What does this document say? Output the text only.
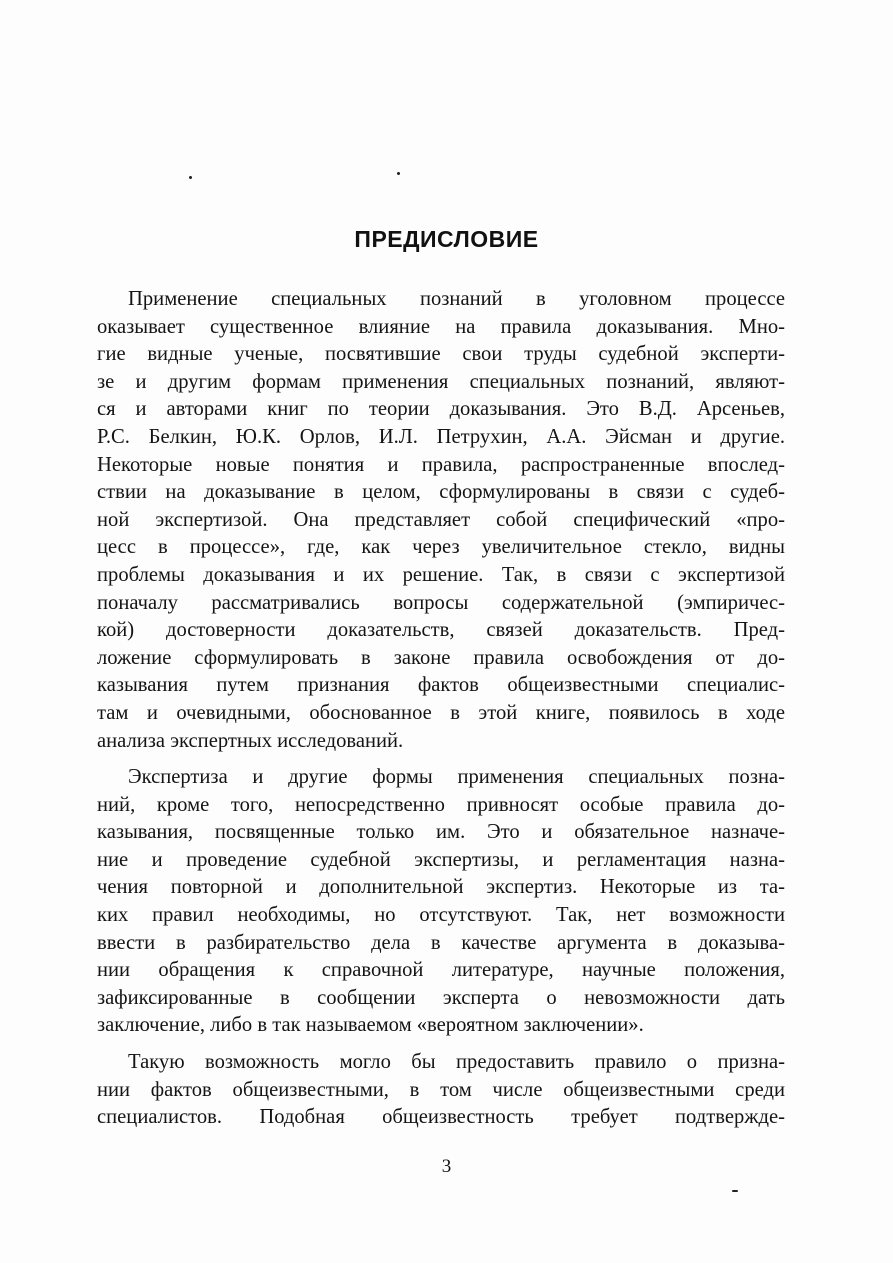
ПРЕДИСЛОВИЕ
Применение специальных познаний в уголовном процессе
оказывает существенное влияние на правила доказывания. Мно-
гие видные ученые, посвятившие свои труды судебной эксперти-
зе и другим формам применения специальных познаний, являют-
ся и авторами книг по теории доказывания. Это В.Д. Арсеньев,
Р.С. Белкин, Ю.К. Орлов, И.Л. Петрухин, А.А. Эйсман и другие.
Некоторые новые понятия и правила, распространенные впослед-
ствии на доказывание в целом, сформулированы в связи с судеб-
ной экспертизой. Она представляет собой специфический «про-
цесс в процессе», где, как через увеличительное стекло, видны
проблемы доказывания и их решение. Так, в связи с экспертизой
поначалу рассматривались вопросы содержательной (эмпиричес-
кой) достоверности доказательств, связей доказательств. Пред-
ложение сформулировать в законе правила освобождения от до-
казывания путем признания фактов общеизвестными специалис-
там и очевидными, обоснованное в этой книге, появилось в ходе
анализа экспертных исследований.
Экспертиза и другие формы применения специальных позна-
ний, кроме того, непосредственно привносят особые правила до-
казывания, посвященные только им. Это и обязательное назначе-
ние и проведение судебной экспертизы, и регламентация назна-
чения повторной и дополнительной экспертиз. Некоторые из та-
ких правил необходимы, но отсутствуют. Так, нет возможности
ввести в разбирательство дела в качестве аргумента в доказыва-
нии обращения к справочной литературе, научные положения,
зафиксированные в сообщении эксперта о невозможности дать
заключение, либо в так называемом «вероятном заключении».
Такую возможность могло бы предоставить правило о призна-
нии фактов общеизвестными, в том числе общеизвестными среди
специалистов. Подобная общеизвестность требует подтвержде-
3
